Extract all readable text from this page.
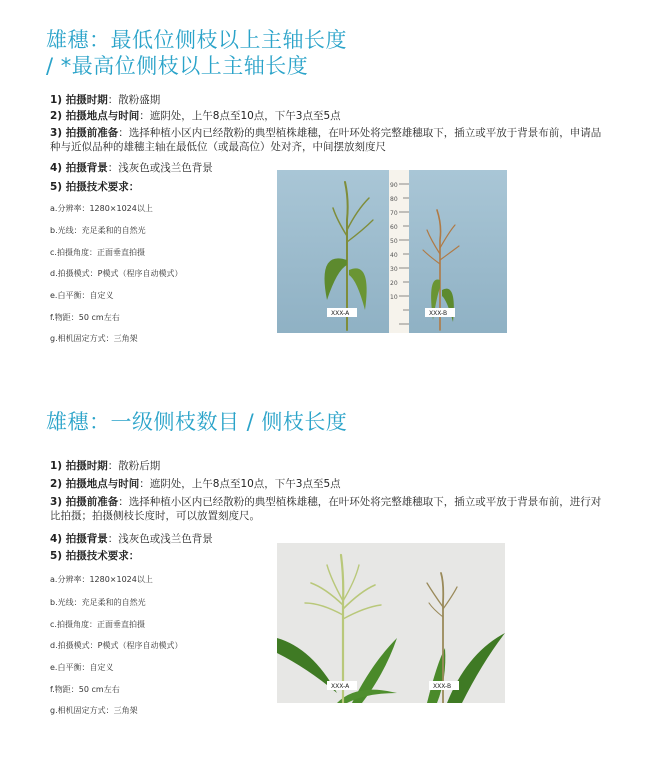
雄穗：最低位侧枝以上主轴长度
/ *最高位侧枝以上主轴长度
1) 拍摄时期：散粉盛期
2) 拍摄地点与时间：遮阴处，上午8点至10点，下午3点至5点
3) 拍摄前准备：选择种植小区内已经散粉的典型植株雄穗，在叶环处将完整雄穗取下，插立或平放于背景布前，申请品种与近似品种的雄穗主轴在最低位（或最高位）处对齐，中间摆放刻度尺
4) 拍摄背景：浅灰色或浅兰色背景
5) 拍摄技术要求：
a.分辨率：1280×1024以上
b.光线：充足柔和的自然光
c.拍摄角度：正面垂直拍摄
d.拍摄模式：P模式（程序自动模式）
e.白平衡：自定义
f.物距：50 cm左右
g.相机固定方式：三角架
90
80
70
60
50
40
30
20
10
XXX-A	XXX-B
雄穗：一级侧枝数目 / 侧枝长度
1) 拍摄时期：散粉后期
2) 拍摄地点与时间：遮阴处，上午8点至10点，下午3点至5点
3) 拍摄前准备：选择种植小区内已经散粉的典型植株雄穗，在叶环处将完整雄穗取下，插立或平放于背景布前，进行对比拍摄；拍摄侧枝长度时，可以放置刻度尺。
4) 拍摄背景：浅灰色或浅兰色背景
5) 拍摄技术要求：
a.分辨率：1280×1024以上
b.光线：充足柔和的自然光
c.拍摄角度：正面垂直拍摄
d.拍摄模式：P模式（程序自动模式）
e.白平衡：自定义
f.物距：50 cm左右
g.相机固定方式：三角架
XXX-A	XXX-B
